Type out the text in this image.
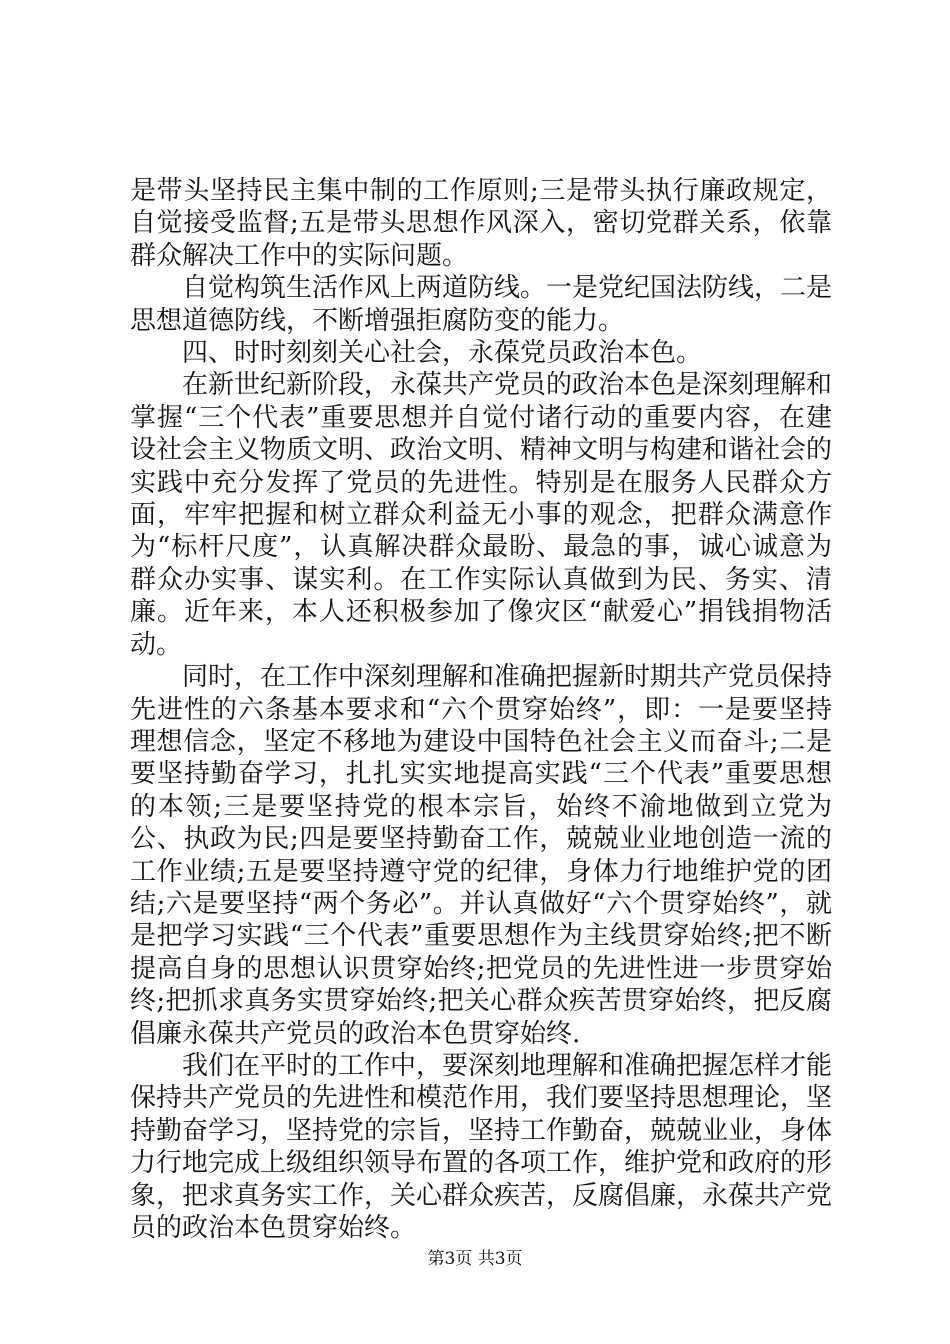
是带头坚持民主集中制的工作原则;三是带头执行廉政规定，自觉接受监督;五是带头思想作风深入，密切党群关系，依靠群众解决工作中的实际问题。

自觉构筑生活作风上两道防线。一是党纪国法防线，二是思想道德防线，不断增强拒腐防变的能力。

四、时时刻刻关心社会，永葆党员政治本色。

在新世纪新阶段，永葆共产党员的政治本色是深刻理解和掌握“三个代表”重要思想并自觉付诸行动的重要内容，在建设社会主义物质文明、政治文明、精神文明与构建和谐社会的实践中充分发挥了党员的先进性。特别是在服务人民群众方面，牢牢把握和树立群众利益无小事的观念，把群众满意作为“标杆尺度”，认真解决群众最盼、最急的事，诚心诚意为群众办实事、谋实利。在工作实际认真做到为民、务实、清廉。近年来，本人还积极参加了像灾区“献爱心”捐钱捐物活动。

同时，在工作中深刻理解和准确把握新时期共产党员保持先进性的六条基本要求和“六个贯穿始终”，即：一是要坚持理想信念，坚定不移地为建设中国特色社会主义而奋斗;二是要坚持勤奋学习，扎扎实实地提高实践“三个代表”重要思想的本领;三是要坚持党的根本宗旨，始终不渝地做到立党为公、执政为民;四是要坚持勤奋工作，兢兢业业地创造一流的工作业绩;五是要坚持遵守党的纪律，身体力行地维护党的团结;六是要坚持“两个务必”。并认真做好“六个贯穿始终”，就是把学习实践“三个代表”重要思想作为主线贯穿始终;把不断提高自身的思想认识贯穿始终;把党员的先进性进一步贯穿始终;把抓求真务实贯穿始终;把关心群众疾苦贯穿始终，把反腐倡廉永葆共产党员的政治本色贯穿始终.

我们在平时的工作中，要深刻地理解和准确把握怎样才能保持共产党员的先进性和模范作用，我们要坚持思想理论，坚持勤奋学习，坚持党的宗旨，坚持工作勤奋，兢兢业业，身体力行地完成上级组织领导布置的各项工作，维护党和政府的形象，把求真务实工作，关心群众疾苦，反腐倡廉，永葆共产党员的政治本色贯穿始终。

第3页 共3页
